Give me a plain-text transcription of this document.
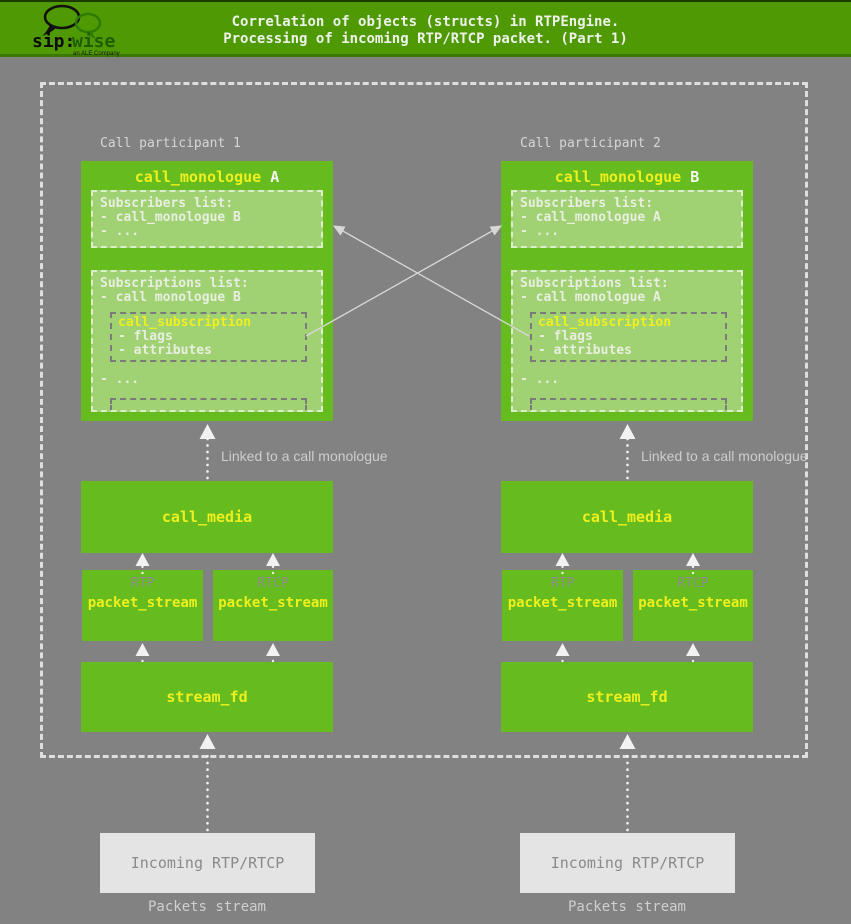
sip:
wise
an ALE Company
Correlation of objects (structs) in RTPEngine.
Processing of incoming RTP/RTCP packet. (Part 1)
Call participant 1
call_monologue A
Subscribers list:
- call_monologue B
- ...
Subscriptions list:
- call monologue B
call_subscription
- flags
- attributes
- ...
Linked to a call monologue
call_media
RTP
packet_stream
RTCP
packet_stream
stream_fd
Incoming RTP/RTCP
Packets stream
Call participant 2
call_monologue B
Subscribers list:
- call_monologue A
- ...
Subscriptions list:
- call monologue A
call_subscription
- flags
- attributes
- ...
Linked to a call monologue
call_media
RTP
packet_stream
RTCP
packet_stream
stream_fd
Incoming RTP/RTCP
Packets stream
